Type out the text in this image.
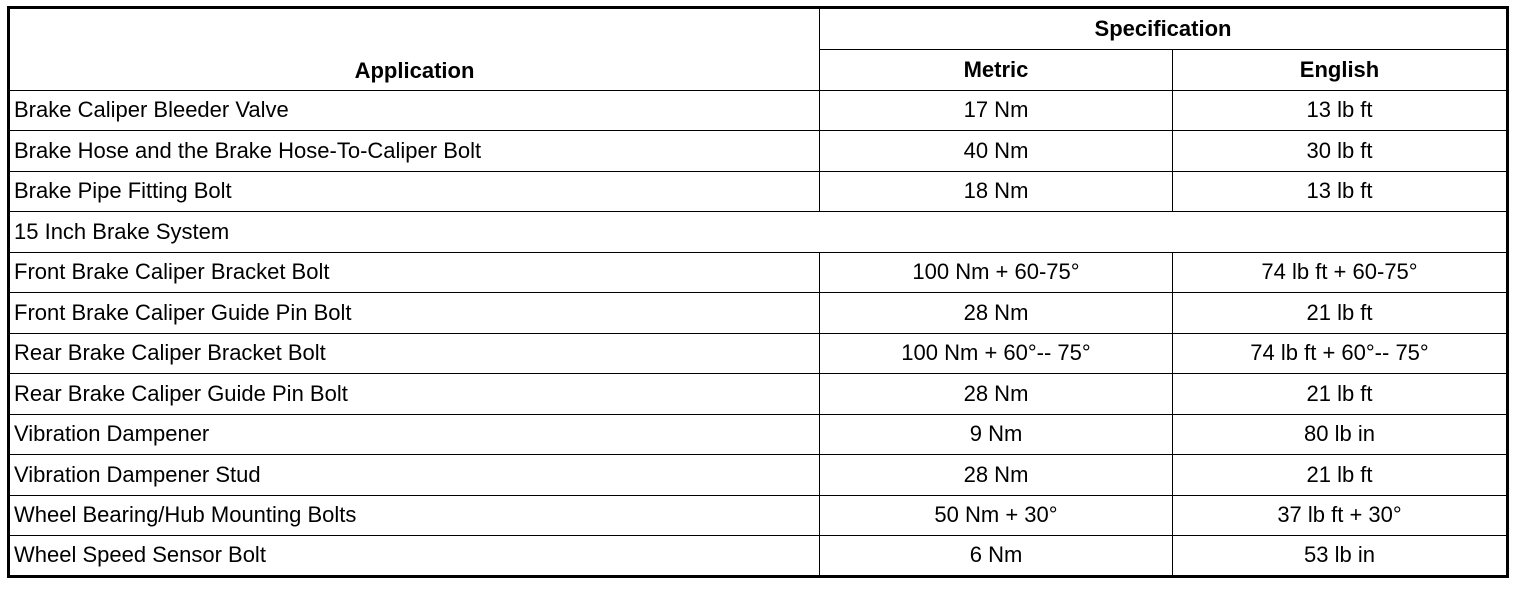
Application	Specification	
	Metric	English
Brake Caliper Bleeder Valve	17 Nm	13 lb ft
Brake Hose and the Brake Hose-To-Caliper Bolt	40 Nm	30 lb ft
Brake Pipe Fitting Bolt	18 Nm	13 lb ft
15 Inch Brake System		
Front Brake Caliper Bracket Bolt	100 Nm + 60-75°	74 lb ft + 60-75°
Front Brake Caliper Guide Pin Bolt	28 Nm	21 lb ft
Rear Brake Caliper Bracket Bolt	100 Nm + 60°-- 75°	74 lb ft + 60°-- 75°
Rear Brake Caliper Guide Pin Bolt	28 Nm	21 lb ft
Vibration Dampener	9 Nm	80 lb in
Vibration Dampener Stud	28 Nm	21 lb ft
Wheel Bearing/Hub Mounting Bolts	50 Nm + 30°	37 lb ft + 30°
Wheel Speed Sensor Bolt	6 Nm	53 lb in
